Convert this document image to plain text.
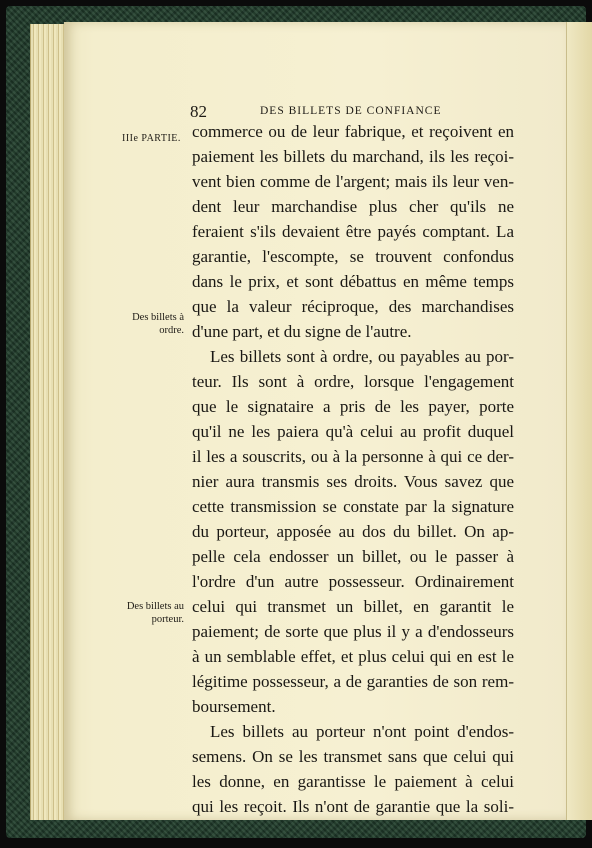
82	DES BILLETS DE CONFIANCE
IIIe PARTIE.
Des billets à
ordre.
Des billets au
porteur.
commerce ou de leur fabrique, et reçoivent en
paiement les billets du marchand, ils les reçoi-
vent bien comme de l'argent; mais ils leur ven-
dent leur marchandise plus cher qu'ils ne
feraient s'ils devaient être payés comptant. La
garantie, l'escompte, se trouvent confondus
dans le prix, et sont débattus en même temps
que la valeur réciproque, des marchandises
d'une part, et du signe de l'autre.
Les billets sont à ordre, ou payables au por-
teur. Ils sont à ordre, lorsque l'engagement
que le signataire a pris de les payer, porte
qu'il ne les paiera qu'à celui au profit duquel
il les a souscrits, ou à la personne à qui ce der-
nier aura transmis ses droits. Vous savez que
cette transmission se constate par la signature
du porteur, apposée au dos du billet. On ap-
pelle cela endosser un billet, ou le passer à
l'ordre d'un autre possesseur. Ordinairement
celui qui transmet un billet, en garantit le
paiement; de sorte que plus il y a d'endosseurs
à un semblable effet, et plus celui qui en est le
légitime possesseur, a de garanties de son rem-
boursement.
Les billets au porteur n'ont point d'endos-
semens. On se les transmet sans que celui qui
les donne, en garantisse le paiement à celui
qui les reçoit. Ils n'ont de garantie que la soli-
